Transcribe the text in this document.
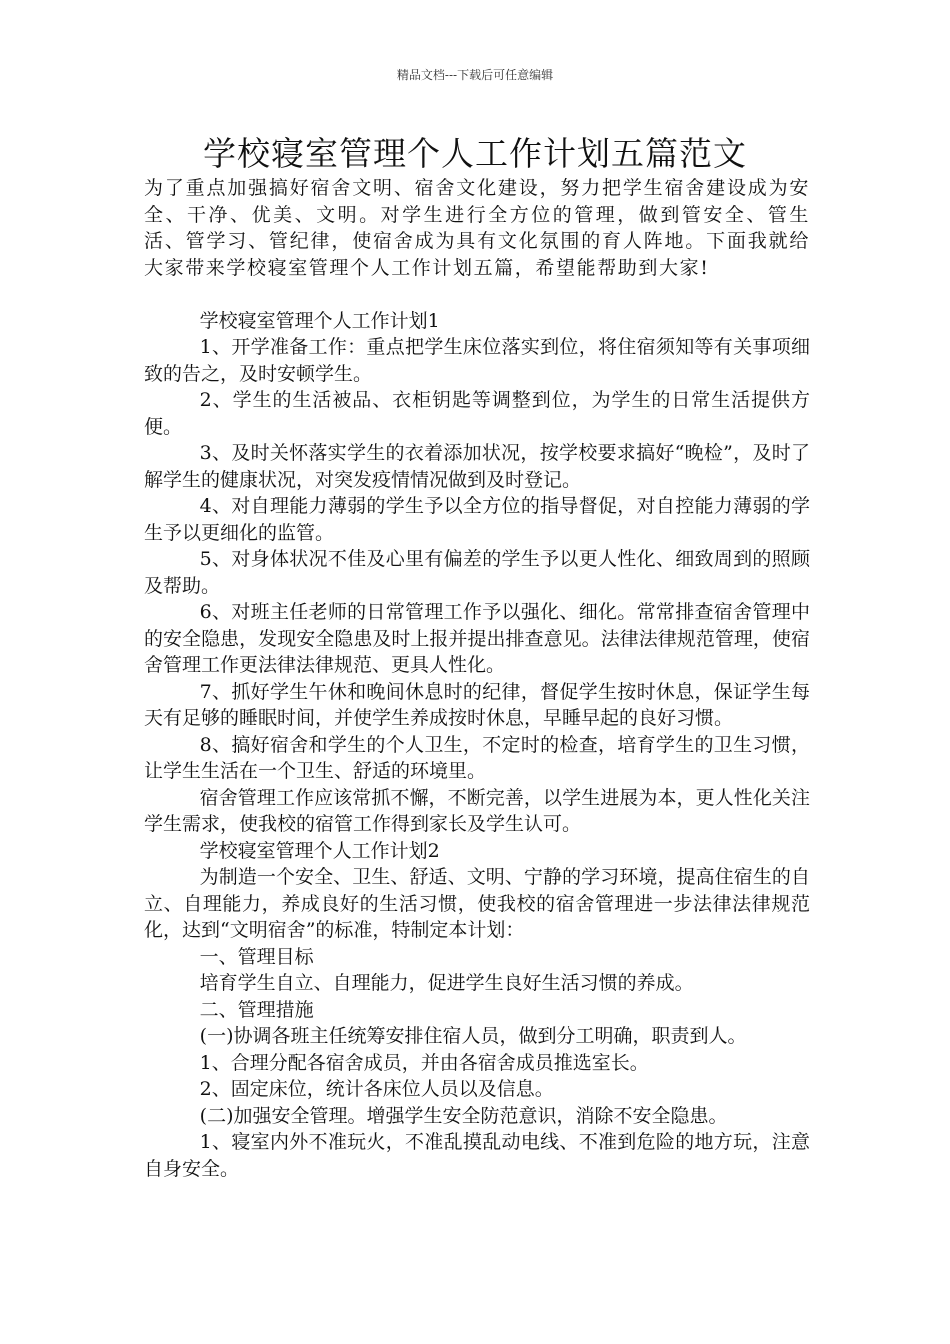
精品文档---下载后可任意编辑
学校寝室管理个人工作计划五篇范文

为了重点加强搞好宿舍文明、宿舍文化建设，努力把学生宿舍建设成为安全、干净、优美、文明。对学生进行全方位的管理，做到管安全、管生活、管学习、管纪律，使宿舍成为具有文化氛围的育人阵地。下面我就给大家带来学校寝室管理个人工作计划五篇，希望能帮助到大家!

学校寝室管理个人工作计划1

1、开学准备工作：重点把学生床位落实到位，将住宿须知等有关事项细致的告之，及时安顿学生。

2、学生的生活被品、衣柜钥匙等调整到位，为学生的日常生活提供方便。

3、及时关怀落实学生的衣着添加状况，按学校要求搞好“晚检”，及时了解学生的健康状况，对突发疫情情况做到及时登记。

4、对自理能力薄弱的学生予以全方位的指导督促，对自控能力薄弱的学生予以更细化的监管。

5、对身体状况不佳及心里有偏差的学生予以更人性化、细致周到的照顾及帮助。

6、对班主任老师的日常管理工作予以强化、细化。常常排查宿舍管理中的安全隐患，发现安全隐患及时上报并提出排查意见。法律法律规范管理，使宿舍管理工作更法律法律规范、更具人性化。

7、抓好学生午休和晚间休息时的纪律，督促学生按时休息，保证学生每天有足够的睡眠时间，并使学生养成按时休息，早睡早起的良好习惯。

8、搞好宿舍和学生的个人卫生，不定时的检查，培育学生的卫生习惯，让学生生活在一个卫生、舒适的环境里。

宿舍管理工作应该常抓不懈，不断完善，以学生进展为本，更人性化关注学生需求，使我校的宿管工作得到家长及学生认可。

学校寝室管理个人工作计划2

为制造一个安全、卫生、舒适、文明、宁静的学习环境，提高住宿生的自立、自理能力，养成良好的生活习惯，使我校的宿舍管理进一步法律法律规范化，达到“文明宿舍”的标准，特制定本计划：

一、管理目标

培育学生自立、自理能力，促进学生良好生活习惯的养成。

二、管理措施

(一)协调各班主任统筹安排住宿人员，做到分工明确，职责到人。

1、合理分配各宿舍成员，并由各宿舍成员推选室长。

2、固定床位，统计各床位人员以及信息。

(二)加强安全管理。增强学生安全防范意识，消除不安全隐患。

1、寝室内外不准玩火，不准乱摸乱动电线、不准到危险的地方玩，注意自身安全。
